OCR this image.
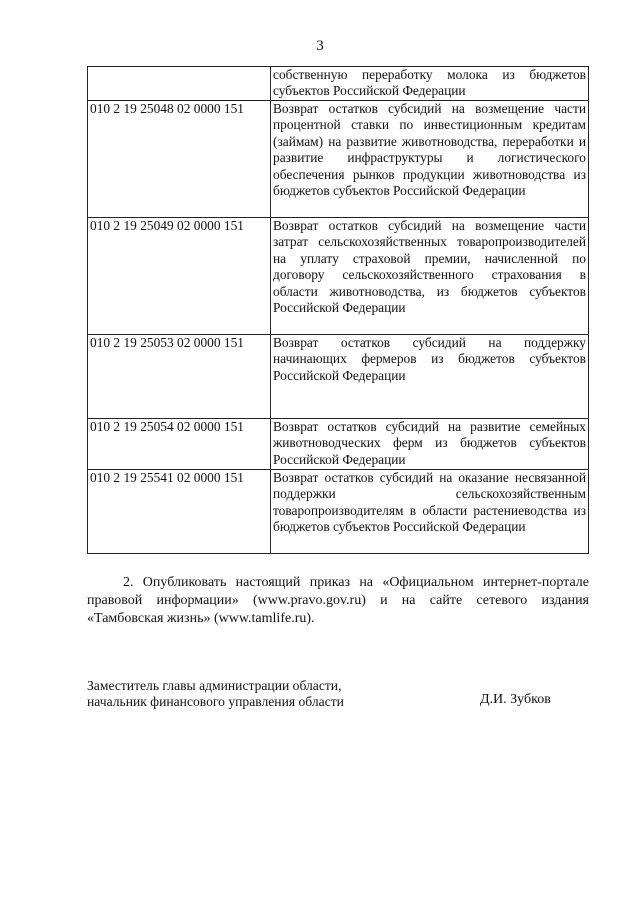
3
	собственную переработку молока из бюджетов субъектов Российской Федерации
010 2 19 25048 02 0000 151	Возврат остатков субсидий на возмещение части процентной ставки по инвестиционным кредитам (займам) на развитие животноводства, переработки и развитие инфраструктуры и логистического обеспечения рынков продукции животноводства из бюджетов субъектов Российской Федерации
010 2 19 25049 02 0000 151	Возврат остатков субсидий на возмещение части затрат сельскохозяйственных товаропроизводителей на уплату страховой премии, начисленной по договору сельскохозяйственного страхования в области животноводства, из бюджетов субъектов Российской Федерации
010 2 19 25053 02 0000 151	Возврат остатков субсидий на поддержку начинающих фермеров из бюджетов субъектов Российской Федерации
010 2 19 25054 02 0000 151	Возврат остатков субсидий на развитие семейных животноводческих ферм из бюджетов субъектов Российской Федерации
010 2 19 25541 02 0000 151	Возврат остатков субсидий на оказание несвязанной поддержки сельскохозяйственным товаропроизводителям в области растениеводства из бюджетов субъектов Российской Федерации
2. Опубликовать настоящий приказ на «Официальном интернет-портале правовой информации» (www.pravo.gov.ru) и на сайте сетевого издания «Тамбовская жизнь» (www.tamlife.ru).
Заместитель главы администрации области,
начальник финансового управления области	Д.И. Зубков
